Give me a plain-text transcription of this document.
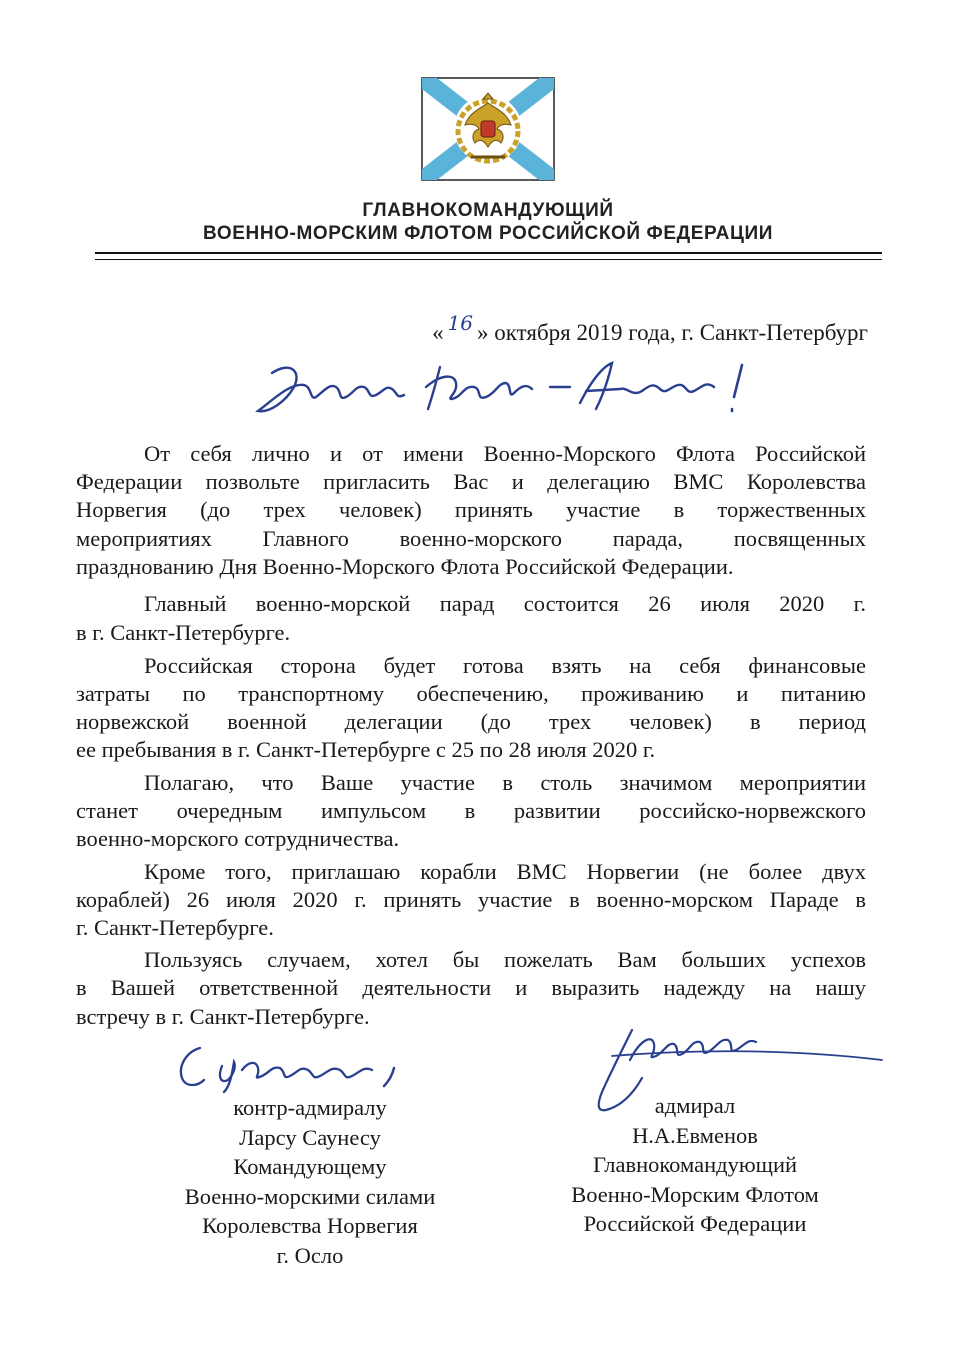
ГЛАВНОКОМАНДУЮЩИЙ
ВОЕННО-МОРСКИМ ФЛОТОМ РОССИЙСКОЙ ФЕДЕРАЦИИ
« 16 » октября 2019 года, г. Санкт-Петербург
От себя лично и от имени Военно-Морского Флота Российской
Федерации позвольте пригласить Вас и делегацию ВМС Королевства
Норвегия (до трех человек) принять участие в торжественных
мероприятиях Главного военно-морского парада, посвященных
празднованию Дня Военно-Морского Флота Российской Федерации.
Главный военно-морской парад состоится 26 июля 2020 г.
в г. Санкт-Петербурге.
Российская сторона будет готова взять на себя финансовые
затраты по транспортному обеспечению, проживанию и питанию
норвежской военной делегации (до трех человек) в период
ее пребывания в г. Санкт-Петербурге с 25 по 28 июля 2020 г.
Полагаю, что Ваше участие в столь значимом мероприятии
станет очередным импульсом в развитии российско-норвежского
военно-морского сотрудничества.
Кроме того, приглашаю корабли ВМС Норвегии (не более двух
кораблей) 26 июля 2020 г. принять участие в военно-морском Параде в
г. Санкт-Петербурге.
Пользуясь случаем, хотел бы пожелать Вам больших успехов
в Вашей ответственной деятельности и выразить надежду на нашу
встречу в г. Санкт-Петербурге.
контр-адмиралу
Ларсу Саунесу
Командующему
Военно-морскими силами
Королевства Норвегия
г. Осло
адмирал
Н.А.Евменов
Главнокомандующий
Военно-Морским Флотом
Российской Федерации
